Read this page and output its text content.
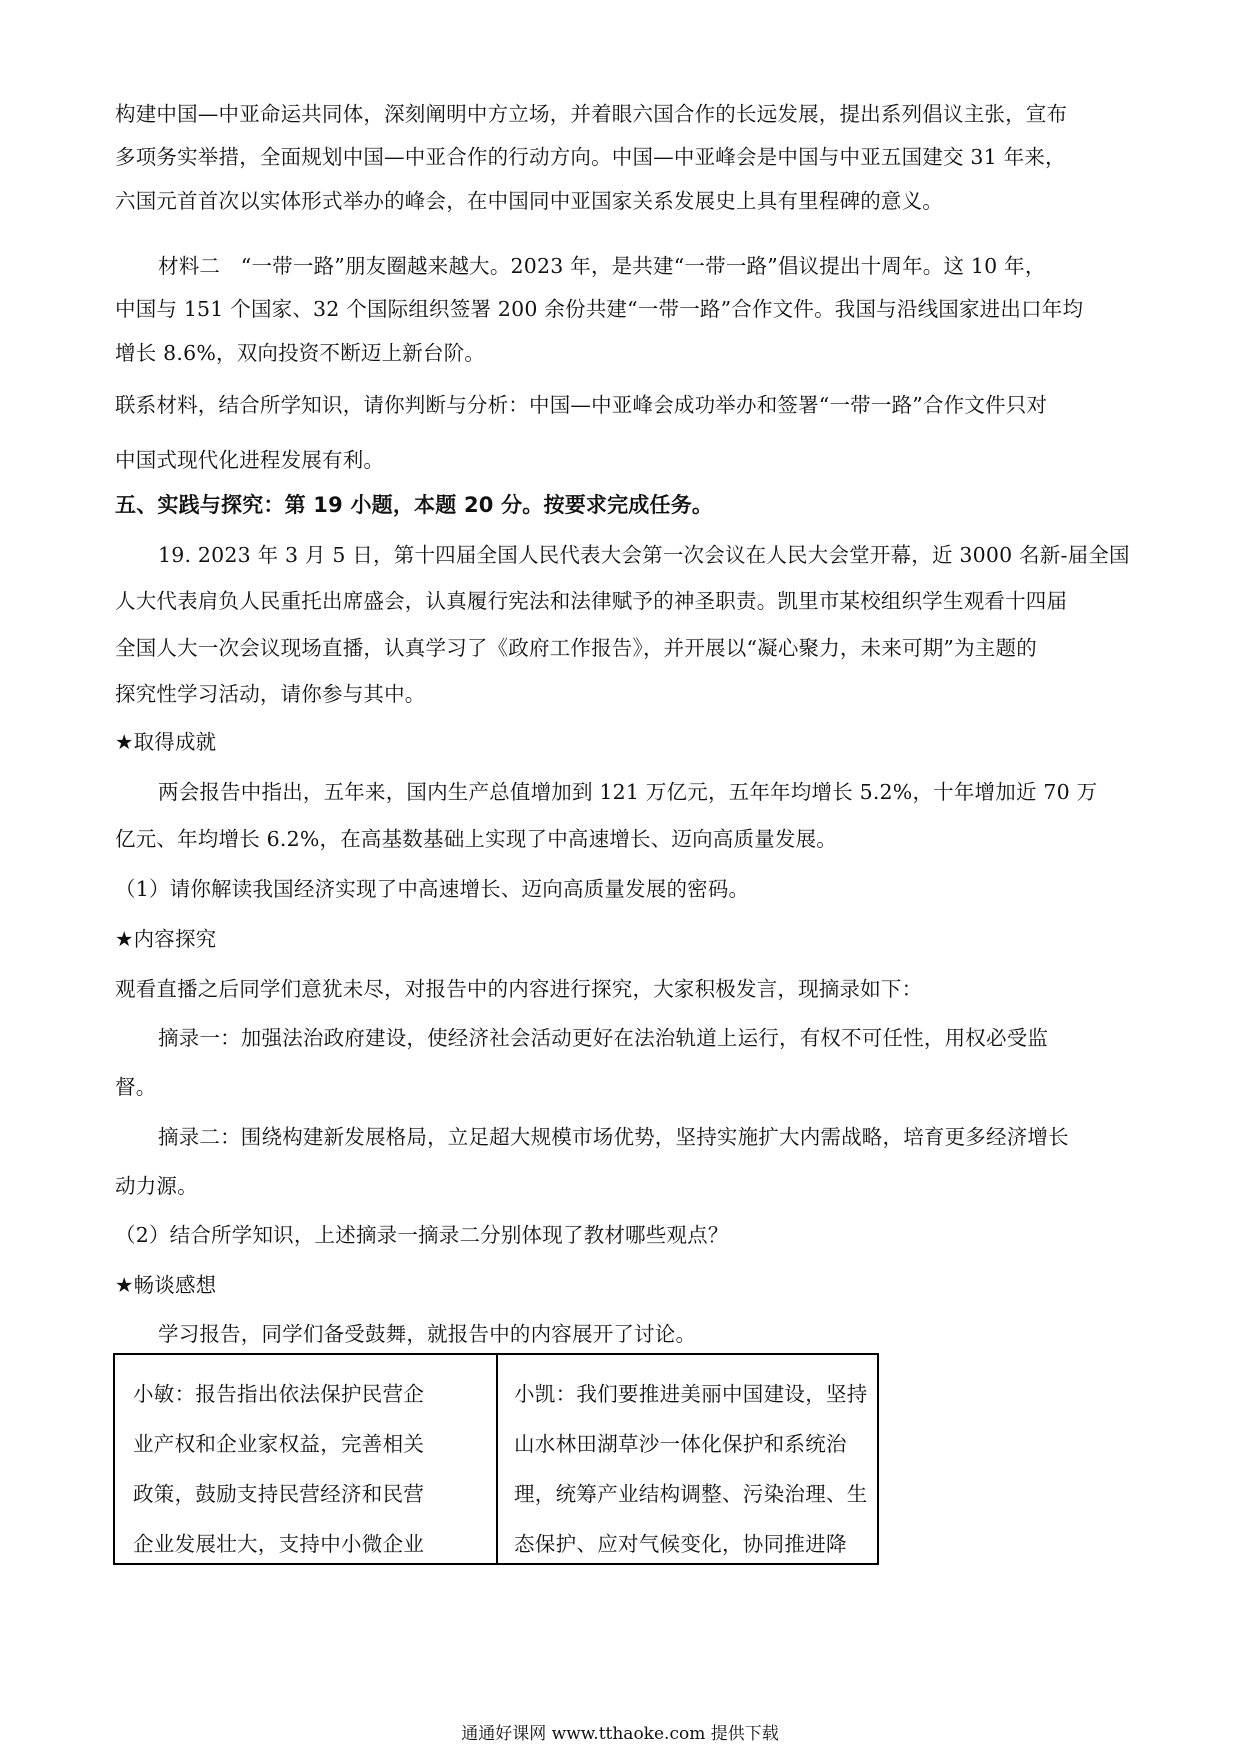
构建中国—中亚命运共同体，深刻阐明中方立场，并着眼六国合作的长远发展，提出系列倡议主张，宣布
多项务实举措，全面规划中国—中亚合作的行动方向。中国—中亚峰会是中国与中亚五国建交 31 年来，
六国元首首次以实体形式举办的峰会，在中国同中亚国家关系发展史上具有里程碑的意义。
材料二　“一带一路”朋友圈越来越大。2023 年，是共建“一带一路”倡议提出十周年。这 10 年，
中国与 151 个国家、32 个国际组织签署 200 余份共建“一带一路”合作文件。我国与沿线国家进出口年均
增长 8.6%，双向投资不断迈上新台阶。
联系材料，结合所学知识，请你判断与分析：中国—中亚峰会成功举办和签署“一带一路”合作文件只对
中国式现代化进程发展有利。
五、实践与探究：第 19 小题，本题 20 分。按要求完成任务。
19. 2023 年 3 月 5 日，第十四届全国人民代表大会第一次会议在人民大会堂开幕，近 3000 名新-届全国
人大代表肩负人民重托出席盛会，认真履行宪法和法律赋予的神圣职责。凯里市某校组织学生观看十四届
全国人大一次会议现场直播，认真学习了《政府工作报告》，并开展以“凝心聚力，未来可期”为主题的
探究性学习活动，请你参与其中。
★取得成就
两会报告中指出，五年来，国内生产总值增加到 121 万亿元，五年年均增长 5.2%，十年增加近 70 万
亿元、年均增长 6.2%，在高基数基础上实现了中高速增长、迈向高质量发展。
（1）请你解读我国经济实现了中高速增长、迈向高质量发展的密码。
★内容探究
观看直播之后同学们意犹未尽，对报告中的内容进行探究，大家积极发言，现摘录如下：
摘录一：加强法治政府建设，使经济社会活动更好在法治轨道上运行，有权不可任性，用权必受监
督。
摘录二：围绕构建新发展格局，立足超大规模市场优势，坚持实施扩大内需战略，培育更多经济增长
动力源。
（2）结合所学知识，上述摘录一摘录二分别体现了教材哪些观点？
★畅谈感想
学习报告，同学们备受鼓舞，就报告中的内容展开了讨论。
小敏：报告指出依法保护民营企
业产权和企业家权益，完善相关
政策，鼓励支持民营经济和民营
企业发展壮大，支持中小微企业
小凯：我们要推进美丽中国建设，坚持
山水林田湖草沙一体化保护和系统治
理，统筹产业结构调整、污染治理、生
态保护、应对气候变化，协同推进降
通通好课网 www.tthaoke.com 提供下载
